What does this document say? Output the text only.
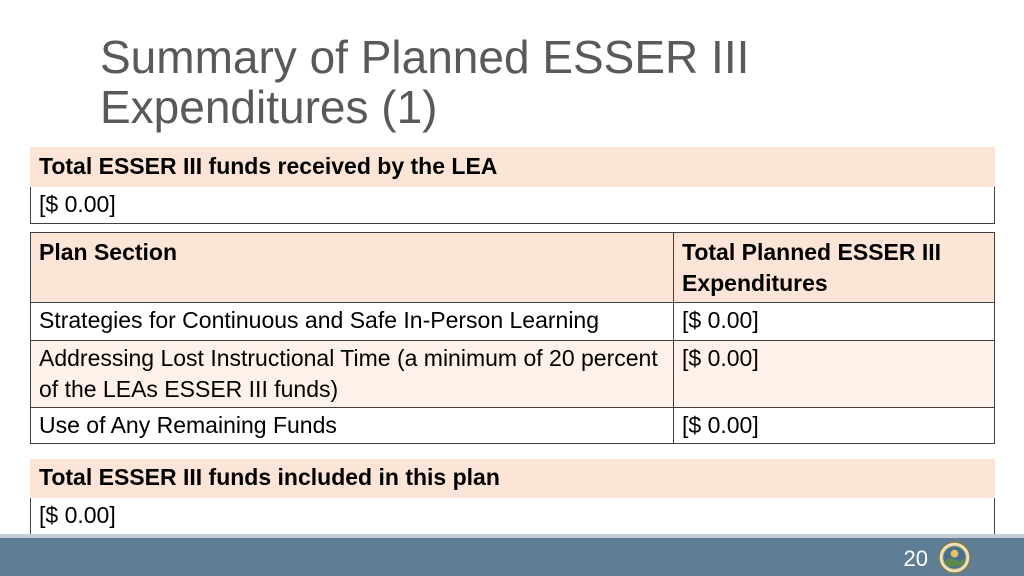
Summary of Planned ESSER III
Expenditures (1)
Total ESSER III funds received by the LEA
[$ 0.00]
Plan Section	Total Planned ESSER III Expenditures
Strategies for Continuous and Safe In-Person Learning	[$ 0.00]
Addressing Lost Instructional Time (a minimum of 20 percent of the LEAs ESSER III funds)	[$ 0.00]
Use of Any Remaining Funds	[$ 0.00]
Total ESSER III funds included in this plan
[$ 0.00]
20
